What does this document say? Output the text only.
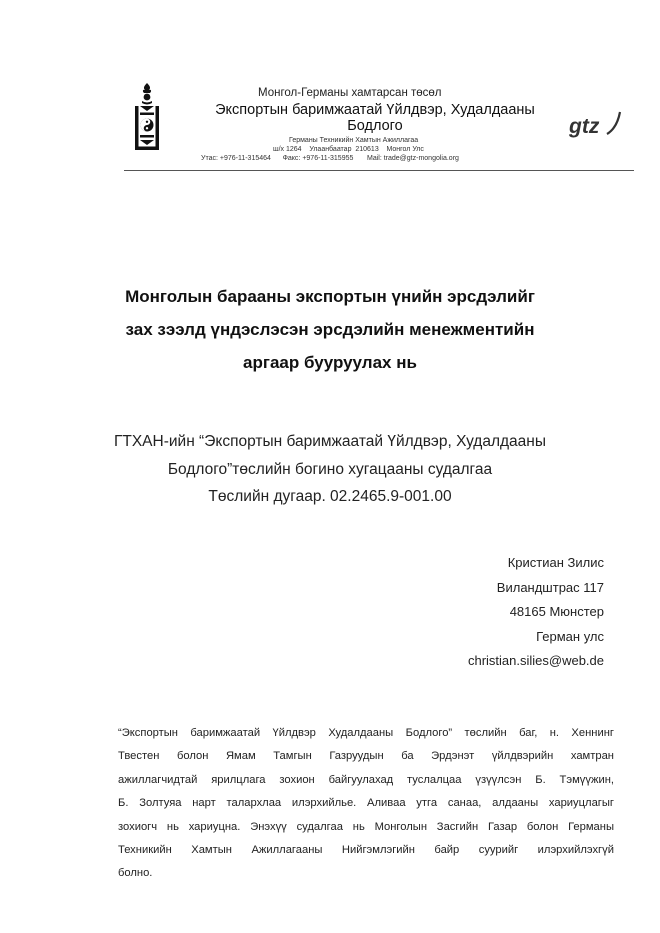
Монгол-Германы хамтарсан төсөл
Экспортын баримжаатай Үйлдвэр, Худалдааны Бодлого
Германы Техникийн Хамтын Ажиллагаа
ш/х 1264    Улаанбаатар  210613    Монгол Улс
Утас: +976-11-315464      Факс: +976-11-315955       Mail: trade@gtz-mongolia.org
gtz
Монголын барааны экспортын үнийн эрсдэлийг
зах зээлд үндэслэсэн эрсдэлийн менежментийн
аргаар бууруулах нь
ГТХАН-ийн “Экспортын баримжаатай Үйлдвэр, Худалдааны
Бодлого”төслийн богино хугацааны судалгаа
Төслийн дугаар. 02.2465.9-001.00
Кристиан Зилис
Виландштрас 117
48165 Мюнстер
Герман улс
christian.silies@web.de
“Экспортын баримжаатай Үйлдвэр Худалдааны Бодлого” төслийн баг, н. Хеннинг
Твестен болон Ямам Тамгын Газруудын ба Эрдэнэт үйлдвэрийн хамтран
ажиллагчидтай ярилцлага зохион байгуулахад туслалцаа үзүүлсэн Б. Тэмүүжин,
Б. Золтуяа нарт талархлаа илэрхийлье. Аливаа утга санаа, алдааны хариуцлагыг
зохиогч нь хариуцна. Энэхүү судалгаа нь Монголын Засгийн Газар болон Германы
Техникийн Хамтын Ажиллагааны Нийгэмлэгийн байр суурийг илэрхийлэхгүй
болно.
